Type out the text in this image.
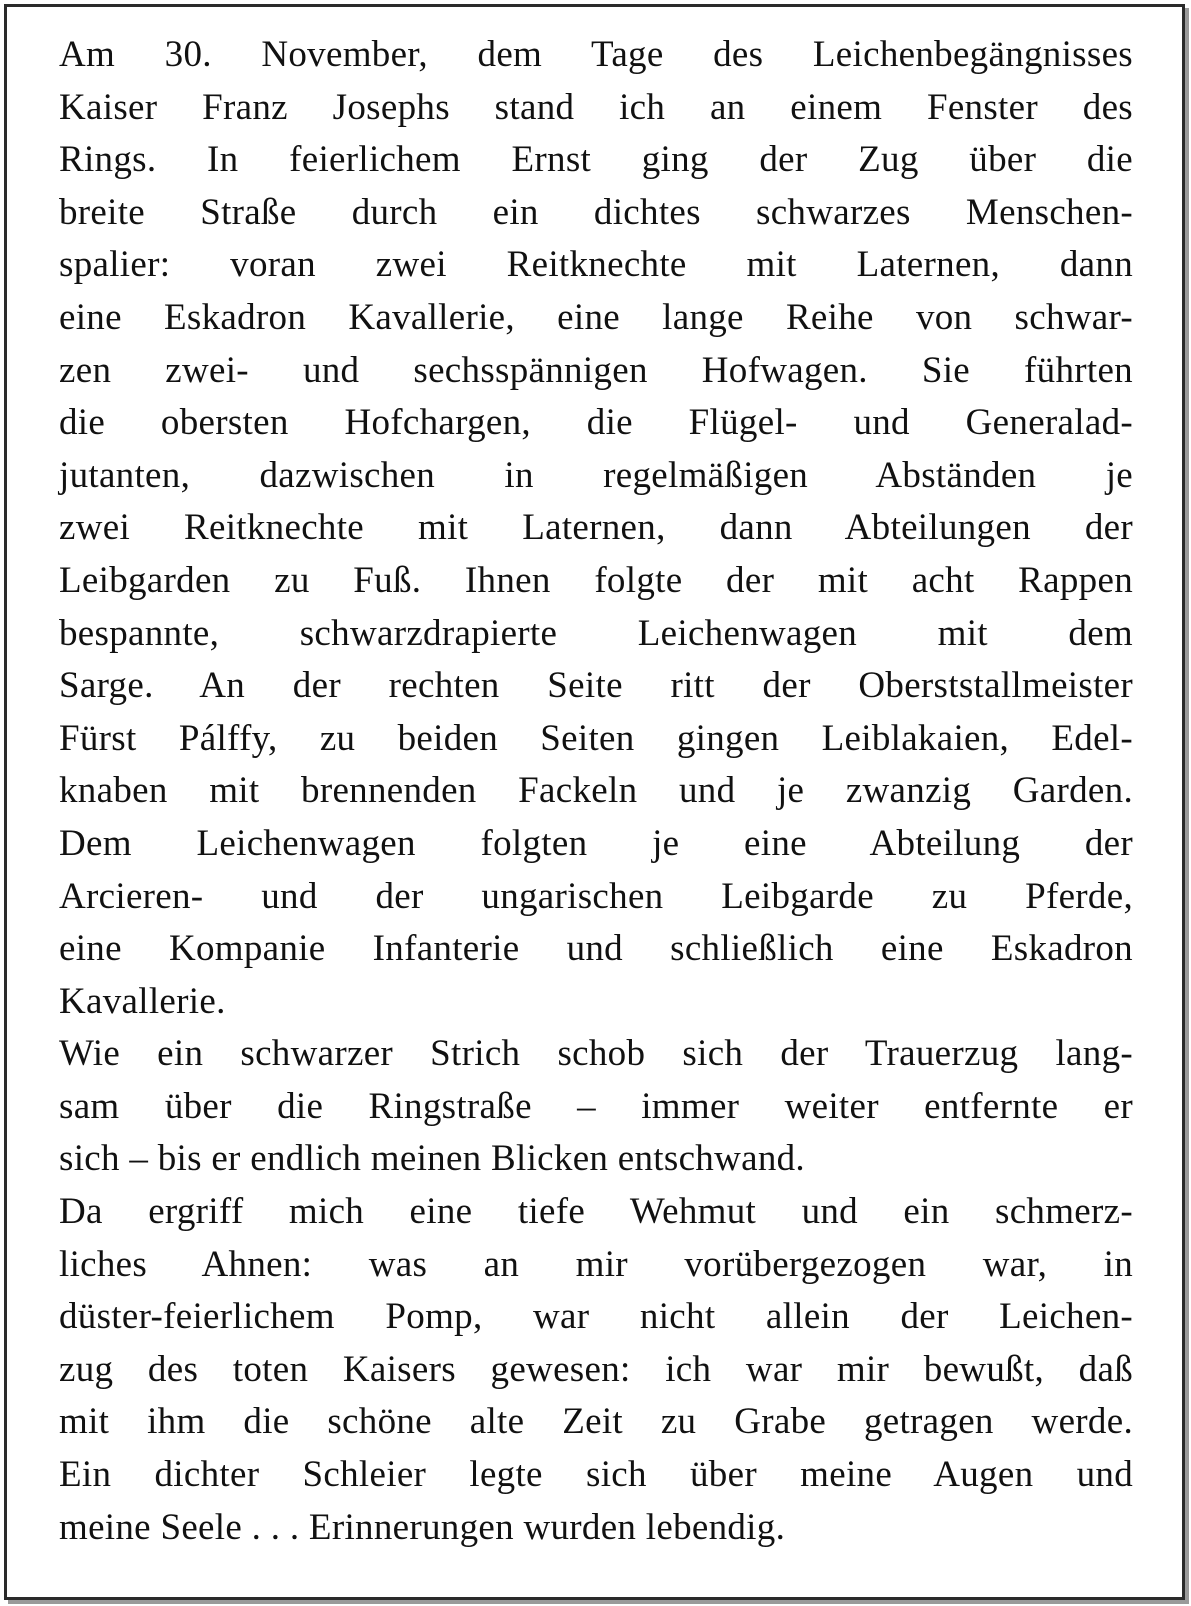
Am 30. November, dem Tage des Leichenbegängnisses
Kaiser Franz Josephs stand ich an einem Fenster des
Rings. In feierlichem Ernst ging der Zug über die
breite Straße durch ein dichtes schwarzes Menschen-
spalier: voran zwei Reitknechte mit Laternen, dann
eine Eskadron Kavallerie, eine lange Reihe von schwar-
zen zwei- und sechsspännigen Hofwagen. Sie führten
die obersten Hofchargen, die Flügel- und Generalad-
jutanten, dazwischen in regelmäßigen Abständen je
zwei Reitknechte mit Laternen, dann Abteilungen der
Leibgarden zu Fuß. Ihnen folgte der mit acht Rappen
bespannte, schwarzdrapierte Leichenwagen mit dem
Sarge. An der rechten Seite ritt der Oberststallmeister
Fürst Pálffy, zu beiden Seiten gingen Leiblakaien, Edel-
knaben mit brennenden Fackeln und je zwanzig Garden.
Dem Leichenwagen folgten je eine Abteilung der
Arcieren- und der ungarischen Leibgarde zu Pferde,
eine Kompanie Infanterie und schließlich eine Eskadron
Kavallerie.
Wie ein schwarzer Strich schob sich der Trauerzug lang-
sam über die Ringstraße – immer weiter entfernte er
sich – bis er endlich meinen Blicken entschwand.
Da ergriff mich eine tiefe Wehmut und ein schmerz-
liches Ahnen: was an mir vorübergezogen war, in
düster-feierlichem Pomp, war nicht allein der Leichen-
zug des toten Kaisers gewesen: ich war mir bewußt, daß
mit ihm die schöne alte Zeit zu Grabe getragen werde.
Ein dichter Schleier legte sich über meine Augen und
meine Seele . . . Erinnerungen wurden lebendig.
